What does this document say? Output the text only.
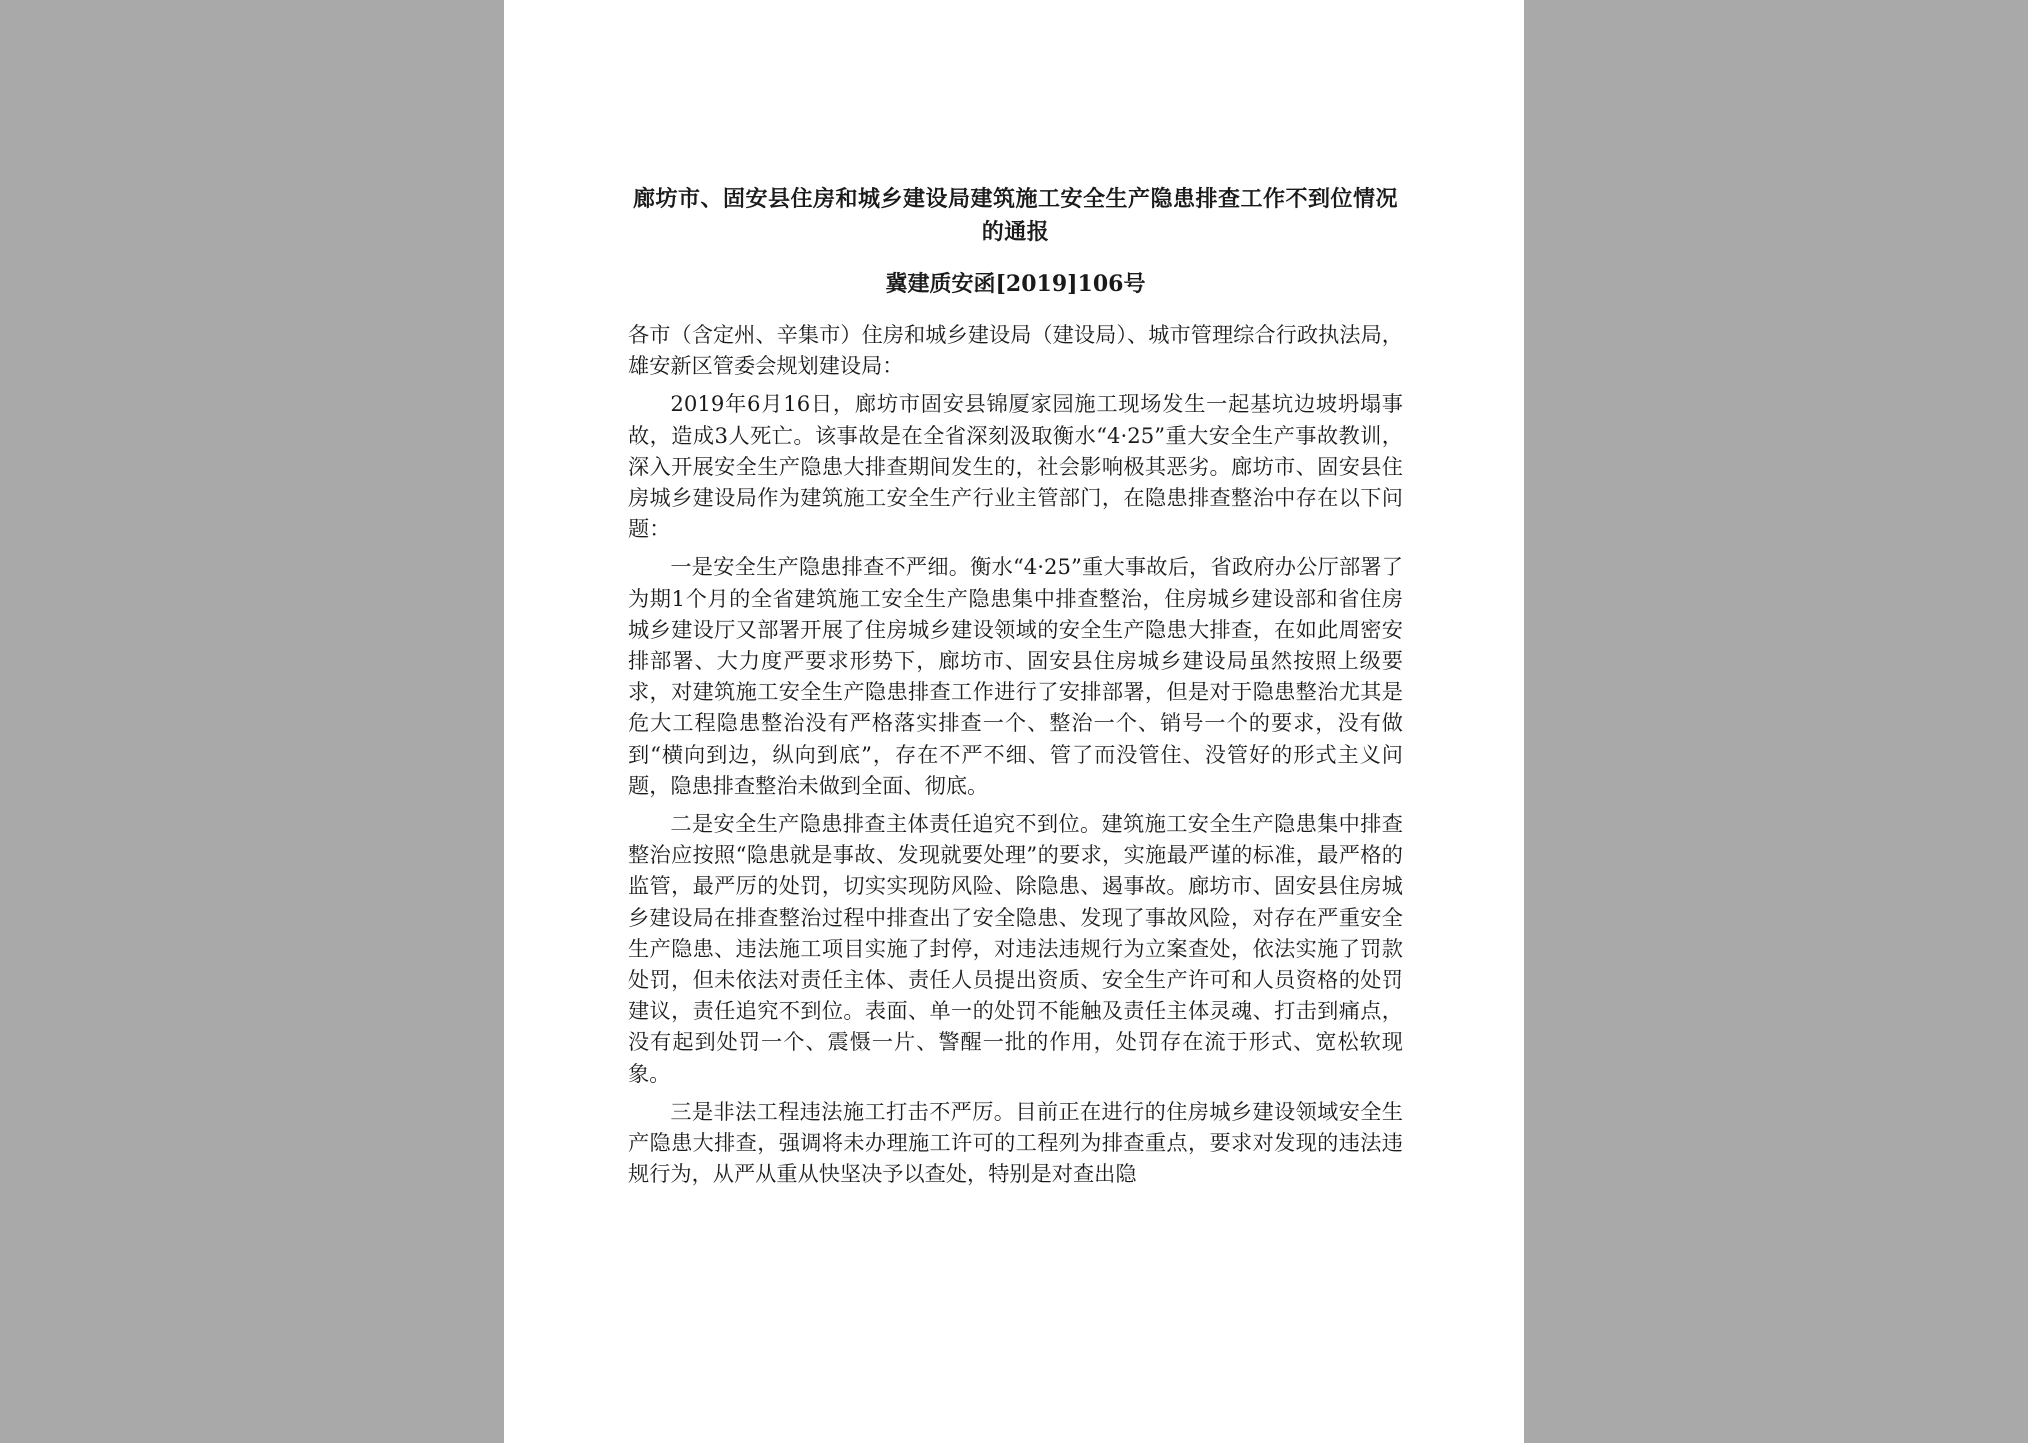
廊坊市、固安县住房和城乡建设局建筑施工安全生产隐患排查工作不到位情况的通报

冀建质安函[2019]106号

各市（含定州、辛集市）住房和城乡建设局（建设局）、城市管理综合行政执法局，雄安新区管委会规划建设局：

2019年6月16日，廊坊市固安县锦厦家园施工现场发生一起基坑边坡坍塌事故，造成3人死亡。该事故是在全省深刻汲取衡水“4·25”重大安全生产事故教训，深入开展安全生产隐患大排查期间发生的，社会影响极其恶劣。廊坊市、固安县住房城乡建设局作为建筑施工安全生产行业主管部门，在隐患排查整治中存在以下问题：

一是安全生产隐患排查不严细。衡水“4·25”重大事故后，省政府办公厅部署了为期1个月的全省建筑施工安全生产隐患集中排查整治，住房城乡建设部和省住房城乡建设厅又部署开展了住房城乡建设领域的安全生产隐患大排查，在如此周密安排部署、大力度严要求形势下，廊坊市、固安县住房城乡建设局虽然按照上级要求，对建筑施工安全生产隐患排查工作进行了安排部署，但是对于隐患整治尤其是危大工程隐患整治没有严格落实排查一个、整治一个、销号一个的要求，没有做到“横向到边，纵向到底”，存在不严不细、管了而没管住、没管好的形式主义问题，隐患排查整治未做到全面、彻底。

二是安全生产隐患排查主体责任追究不到位。建筑施工安全生产隐患集中排查整治应按照“隐患就是事故、发现就要处理”的要求，实施最严谨的标准，最严格的监管，最严厉的处罚，切实实现防风险、除隐患、遏事故。廊坊市、固安县住房城乡建设局在排查整治过程中排查出了安全隐患、发现了事故风险，对存在严重安全生产隐患、违法施工项目实施了封停，对违法违规行为立案查处，依法实施了罚款处罚，但未依法对责任主体、责任人员提出资质、安全生产许可和人员资格的处罚建议，责任追究不到位。表面、单一的处罚不能触及责任主体灵魂、打击到痛点，没有起到处罚一个、震慑一片、警醒一批的作用，处罚存在流于形式、宽松软现象。

三是非法工程违法施工打击不严厉。目前正在进行的住房城乡建设领域安全生产隐患大排查，强调将未办理施工许可的工程列为排查重点，要求对发现的违法违规行为，从严从重从快坚决予以查处，特别是对查出隐
